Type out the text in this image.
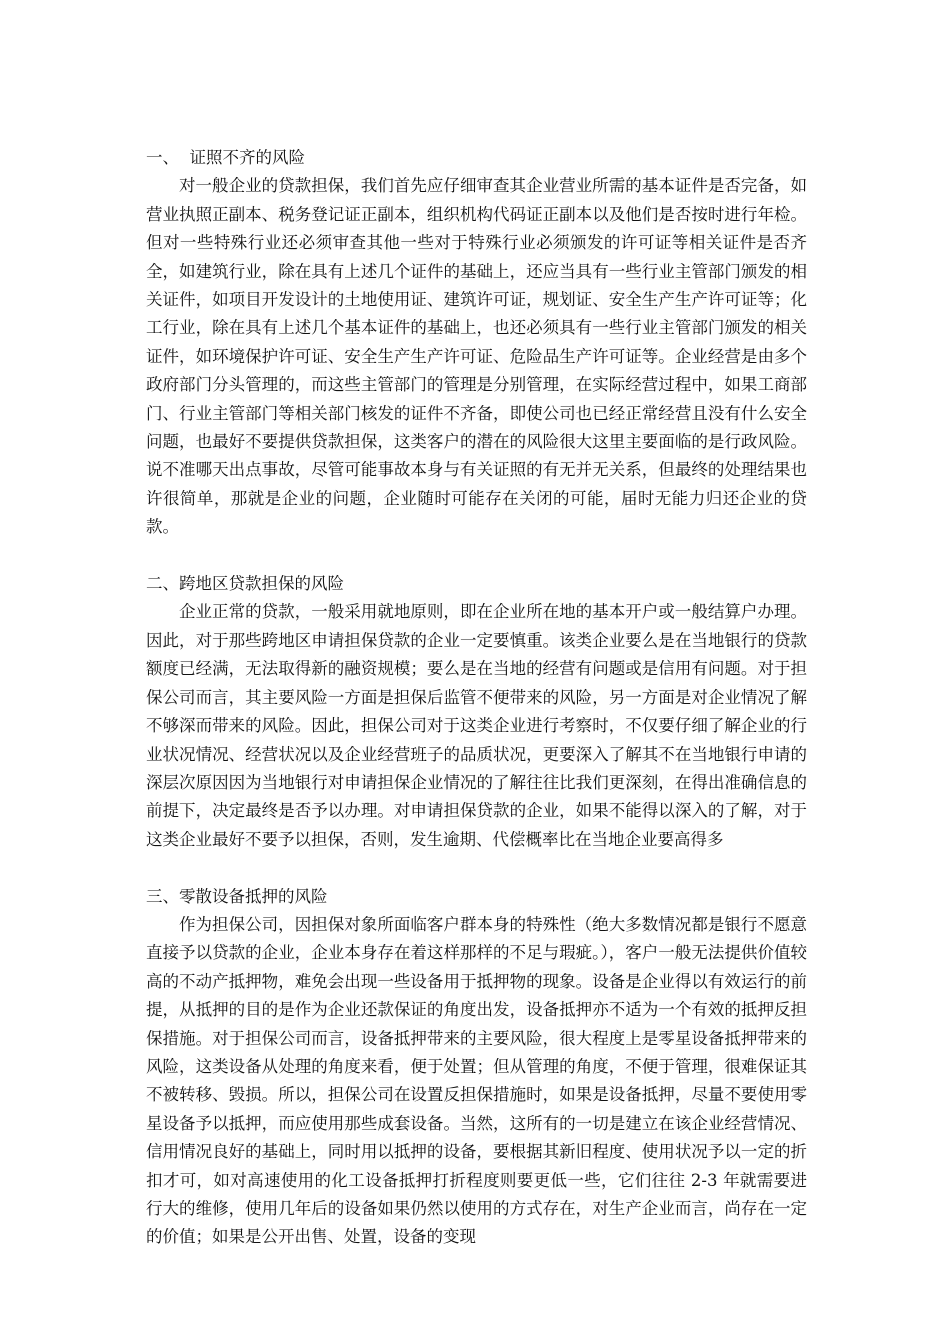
一、  证照不齐的风险

对一般企业的贷款担保，我们首先应仔细审查其企业营业所需的基本证件是否完备，如营业执照正副本、税务登记证正副本，组织机构代码证正副本以及他们是否按时进行年检。但对一些特殊行业还必须审查其他一些对于特殊行业必须颁发的许可证等相关证件是否齐全，如建筑行业，除在具有上述几个证件的基础上，还应当具有一些行业主管部门颁发的相关证件，如项目开发设计的土地使用证、建筑许可证，规划证、安全生产生产许可证等；化工行业，除在具有上述几个基本证件的基础上，也还必须具有一些行业主管部门颁发的相关证件，如环境保护许可证、安全生产生产许可证、危险品生产许可证等。企业经营是由多个政府部门分头管理的，而这些主管部门的管理是分别管理，在实际经营过程中，如果工商部门、行业主管部门等相关部门核发的证件不齐备，即使公司也已经正常经营且没有什么安全问题，也最好不要提供贷款担保，这类客户的潜在的风险很大这里主要面临的是行政风险。说不准哪天出点事故，尽管可能事故本身与有关证照的有无并无关系，但最终的处理结果也许很简单，那就是企业的问题，企业随时可能存在关闭的可能，届时无能力归还企业的贷款。

二、跨地区贷款担保的风险

企业正常的贷款，一般采用就地原则，即在企业所在地的基本开户或一般结算户办理。因此，对于那些跨地区申请担保贷款的企业一定要慎重。该类企业要么是在当地银行的贷款额度已经满，无法取得新的融资规模；要么是在当地的经营有问题或是信用有问题。对于担保公司而言，其主要风险一方面是担保后监管不便带来的风险，另一方面是对企业情况了解不够深而带来的风险。因此，担保公司对于这类企业进行考察时，不仅要仔细了解企业的行业状况情况、经营状况以及企业经营班子的品质状况，更要深入了解其不在当地银行申请的深层次原因因为当地银行对申请担保企业情况的了解往往比我们更深刻，在得出准确信息的前提下，决定最终是否予以办理。对申请担保贷款的企业，如果不能得以深入的了解，对于这类企业最好不要予以担保，否则，发生逾期、代偿概率比在当地企业要高得多

三、零散设备抵押的风险

作为担保公司，因担保对象所面临客户群本身的特殊性（绝大多数情况都是银行不愿意直接予以贷款的企业，企业本身存在着这样那样的不足与瑕疵。），客户一般无法提供价值较高的不动产抵押物，难免会出现一些设备用于抵押物的现象。设备是企业得以有效运行的前提，从抵押的目的是作为企业还款保证的角度出发，设备抵押亦不适为一个有效的抵押反担保措施。对于担保公司而言，设备抵押带来的主要风险，很大程度上是零星设备抵押带来的风险，这类设备从处理的角度来看，便于处置；但从管理的角度，不便于管理，很难保证其不被转移、毁损。所以，担保公司在设置反担保措施时，如果是设备抵押，尽量不要使用零星设备予以抵押，而应使用那些成套设备。当然，这所有的一切是建立在该企业经营情况、信用情况良好的基础上，同时用以抵押的设备，要根据其新旧程度、使用状况予以一定的折扣才可，如对高速使用的化工设备抵押打折程度则要更低一些，它们往往 2-3 年就需要进行大的维修，使用几年后的设备如果仍然以使用的方式存在，对生产企业而言，尚存在一定的价值；如果是公开出售、处置，设备的变现
